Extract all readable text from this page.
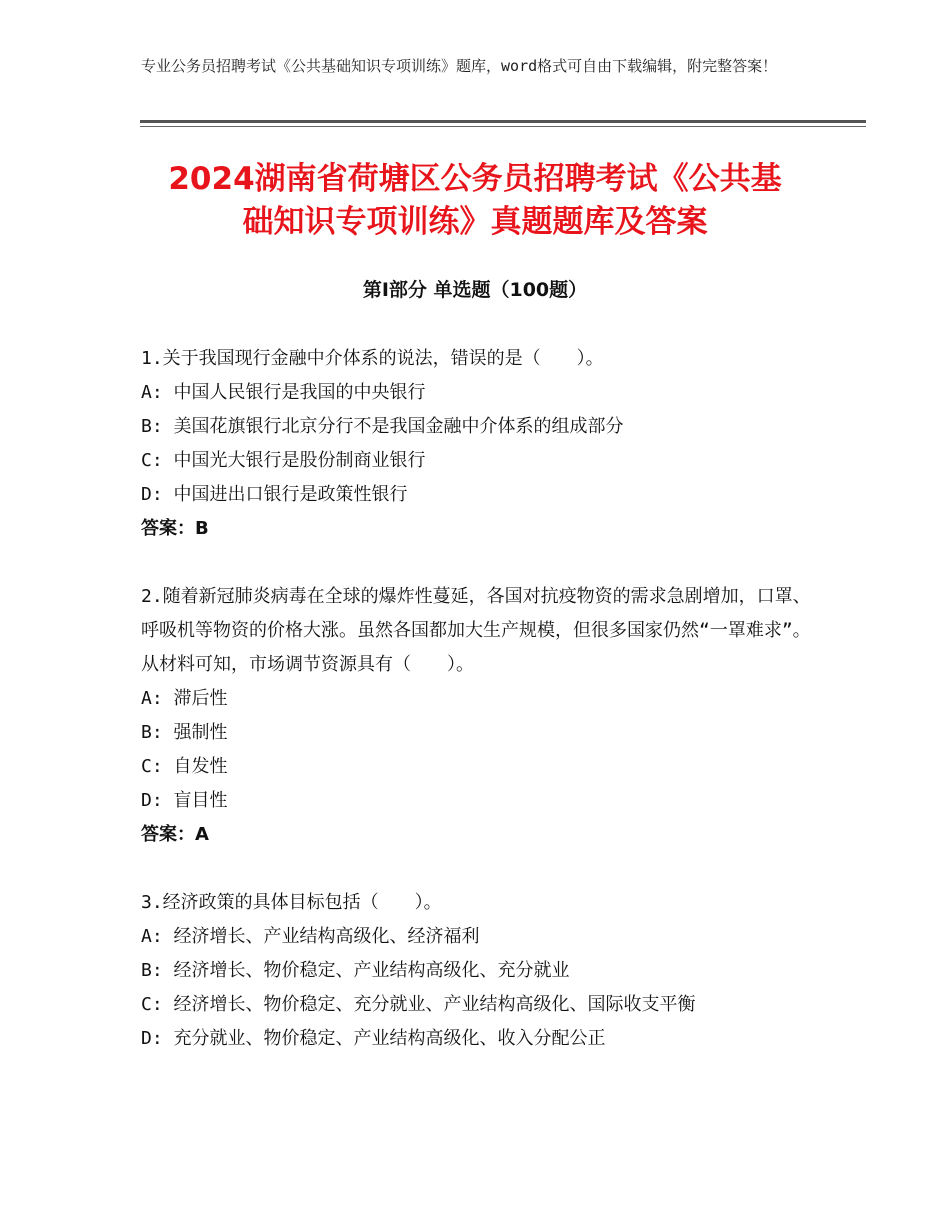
专业公务员招聘考试《公共基础知识专项训练》题库，word格式可自由下载编辑，附完整答案！
2024湖南省荷塘区公务员招聘考试《公共基
础知识专项训练》真题题库及答案
第Ⅰ部分 单选题（100题）
1.关于我国现行金融中介体系的说法，错误的是（　　）。
A: 中国人民银行是我国的中央银行
B: 美国花旗银行北京分行不是我国金融中介体系的组成部分
C: 中国光大银行是股份制商业银行
D: 中国进出口银行是政策性银行
答案：B
2.随着新冠肺炎病毒在全球的爆炸性蔓延，各国对抗疫物资的需求急剧增加，口罩、呼吸机等物资的价格大涨。虽然各国都加大生产规模，但很多国家仍然“一罩难求”。从材料可知，市场调节资源具有（　　）。
A: 滞后性
B: 强制性
C: 自发性
D: 盲目性
答案：A
3.经济政策的具体目标包括（　　）。
A: 经济增长、产业结构高级化、经济福利
B: 经济增长、物价稳定、产业结构高级化、充分就业
C: 经济增长、物价稳定、充分就业、产业结构高级化、国际收支平衡
D: 充分就业、物价稳定、产业结构高级化、收入分配公正
